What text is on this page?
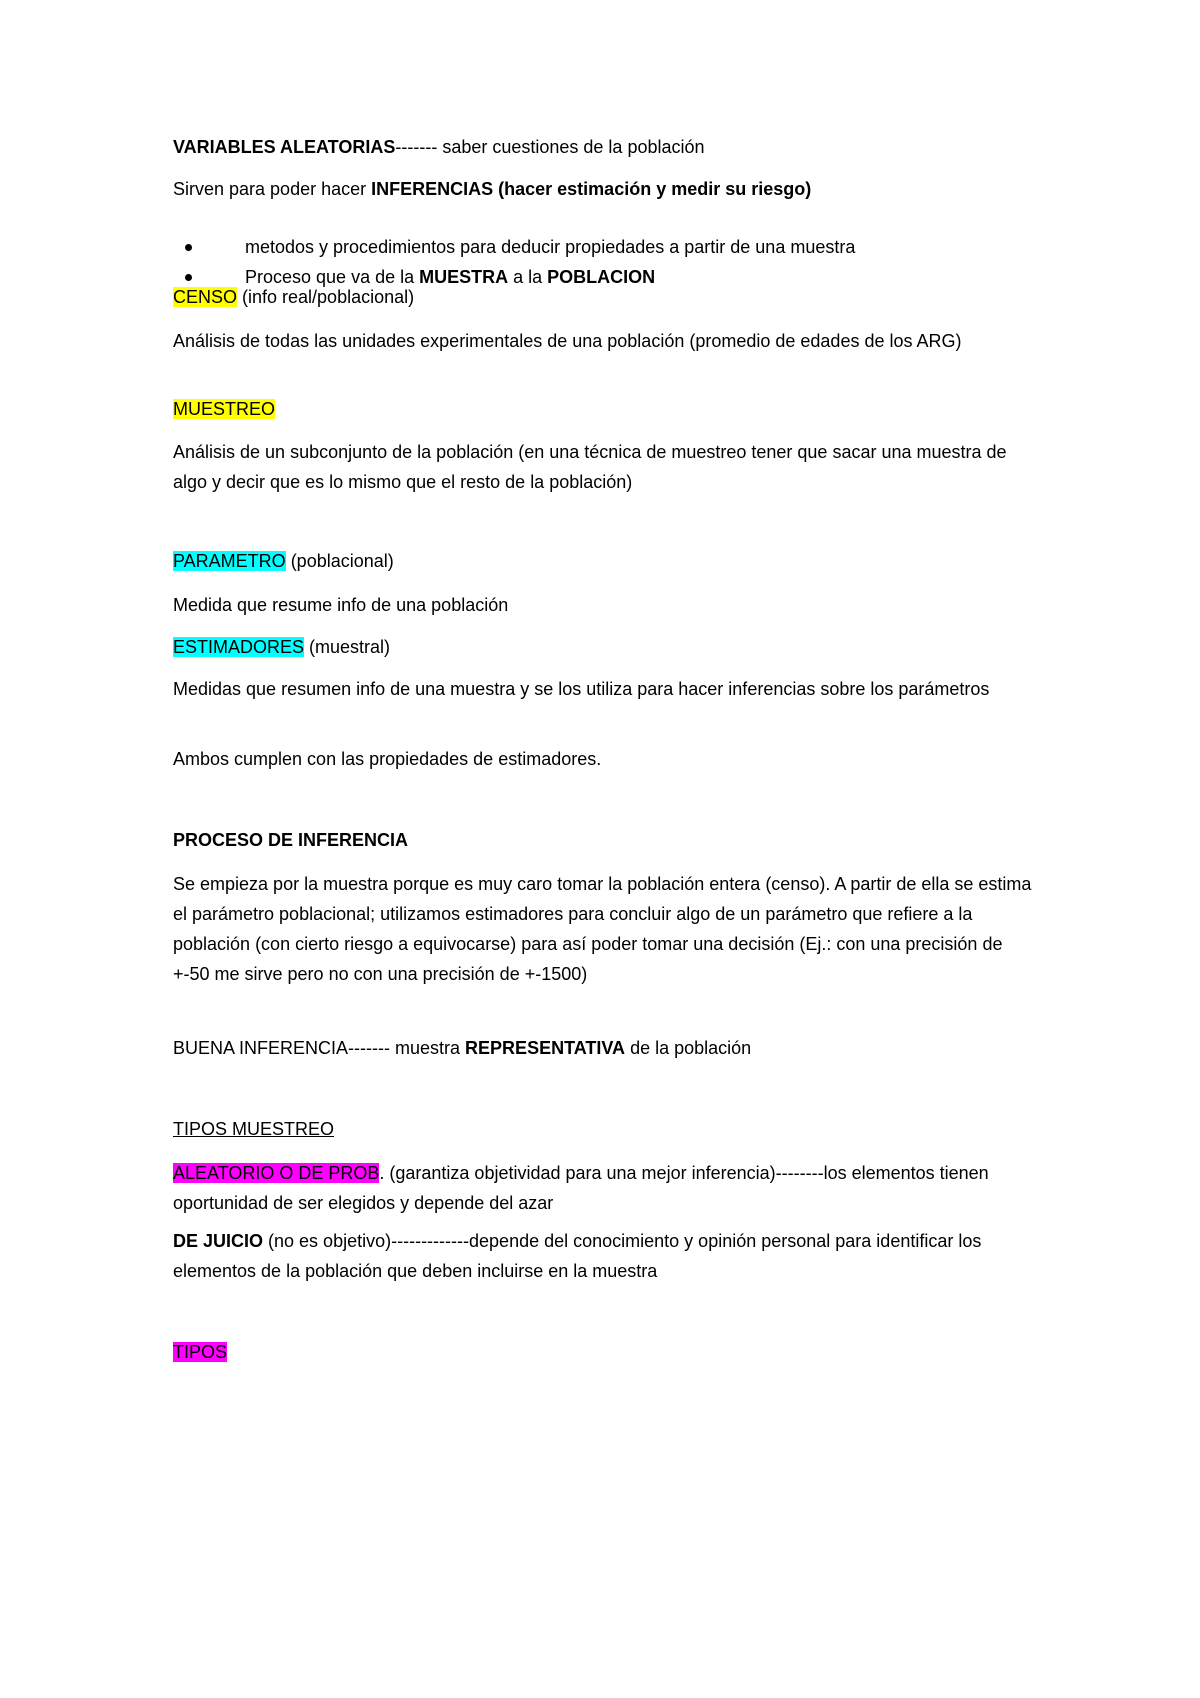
VARIABLES ALEATORIAS------- saber cuestiones de la población

Sirven para poder hacer INFERENCIAS (hacer estimación y medir su riesgo)

metodos y procedimientos para deducir propiedades a partir de una muestra
Proceso que va de la MUESTRA a la POBLACION

CENSO (info real/poblacional)

Análisis de todas las unidades experimentales de una población (promedio de edades de los ARG)

MUESTREO

Análisis de un subconjunto de la población (en una técnica de muestreo tener que sacar una muestra de algo y decir que es lo mismo que el resto de la población)

PARAMETRO (poblacional)

Medida que resume info de una población

ESTIMADORES (muestral)

Medidas que resumen info de una muestra y se los utiliza para hacer inferencias sobre los parámetros

Ambos cumplen con las propiedades de estimadores.

PROCESO DE INFERENCIA

Se empieza por la muestra porque es muy caro tomar la población entera (censo). A partir de ella se estima el parámetro poblacional; utilizamos estimadores para concluir algo de un parámetro que refiere a la población (con cierto riesgo a equivocarse) para así poder tomar una decisión (Ej.: con una precisión de +-50 me sirve pero no con una precisión de +-1500)

BUENA INFERENCIA------- muestra REPRESENTATIVA de la población

TIPOS MUESTREO

ALEATORIO O DE PROB. (garantiza objetividad para una mejor inferencia)--------los elementos tienen oportunidad de ser elegidos y depende del azar

DE JUICIO (no es objetivo)-------------depende del conocimiento y opinión personal para identificar los elementos de la población que deben incluirse en la muestra

TIPOS
